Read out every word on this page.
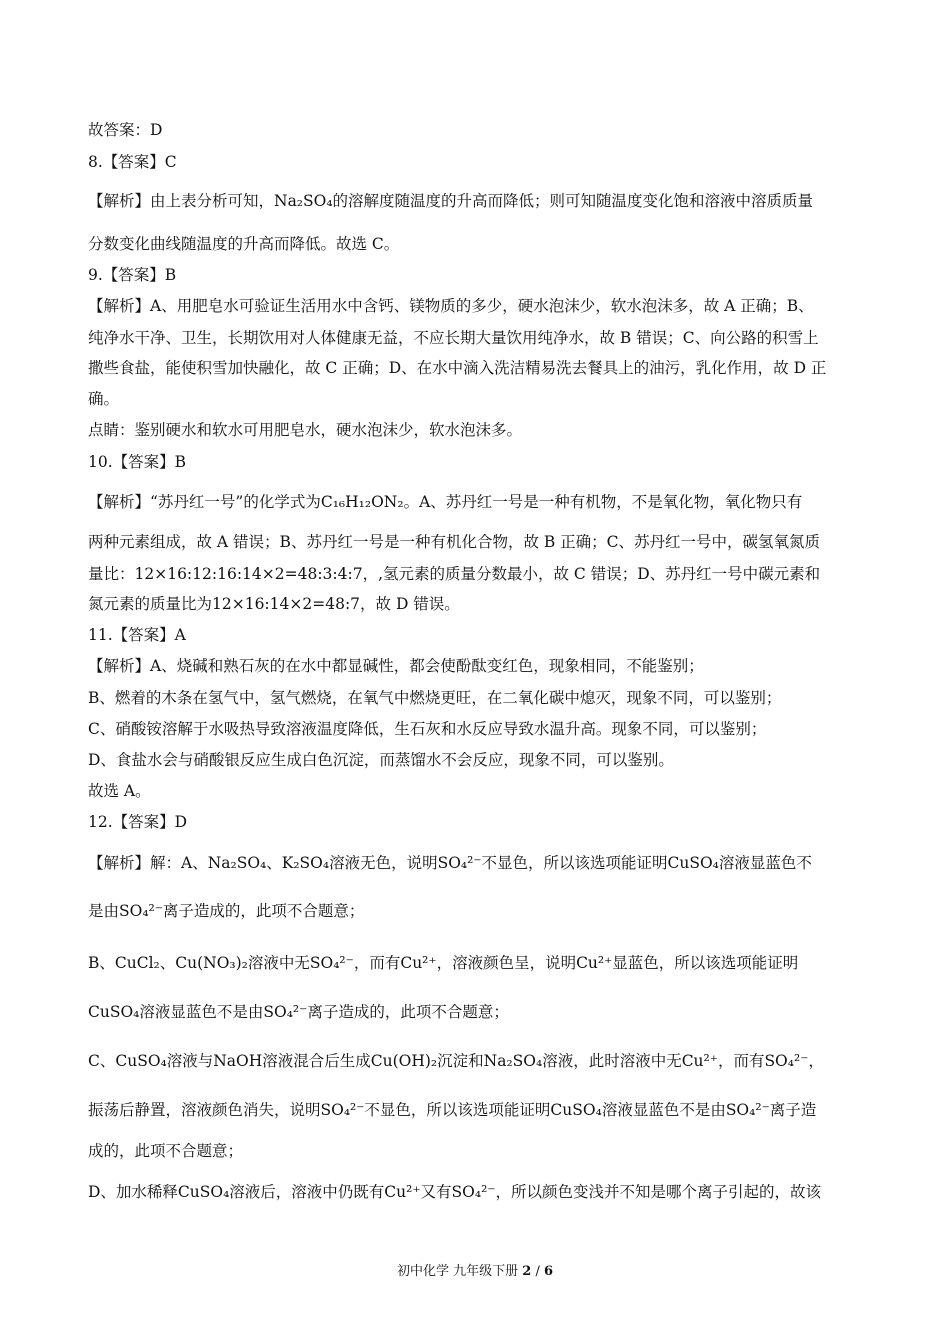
故答案：D
8.【答案】C
【解析】由上表分析可知，Na₂SO₄的溶解度随温度的升高而降低；则可知随温度变化饱和溶液中溶质质量
分数变化曲线随温度的升高而降低。故选 C。
9.【答案】B
【解析】A、用肥皂水可验证生活用水中含钙、镁物质的多少，硬水泡沫少，软水泡沫多，故 A 正确；B、
纯净水干净、卫生，长期饮用对人体健康无益，不应长期大量饮用纯净水，故 B 错误；C、向公路的积雪上
撒些食盐，能使积雪加快融化，故 C 正确；D、在水中滴入洗洁精易洗去餐具上的油污，乳化作用，故 D 正
确。
点睛：鉴别硬水和软水可用肥皂水，硬水泡沫少，软水泡沫多。
10.【答案】B
【解析】“苏丹红一号”的化学式为C₁₆H₁₂ON₂。A、苏丹红一号是一种有机物，不是氧化物，氧化物只有
两种元素组成，故 A 错误；B、苏丹红一号是一种有机化合物，故 B 正确；C、苏丹红一号中，碳氢氧氮质
量比：12×16:12:16:14×2=48:3:4:7，,氢元素的质量分数最小，故 C 错误；D、苏丹红一号中碳元素和
氮元素的质量比为12×16:14×2=48:7，故 D 错误。
11.【答案】A
【解析】A、烧碱和熟石灰的在水中都显碱性，都会使酚酞变红色，现象相同，不能鉴别；
B、燃着的木条在氢气中，氢气燃烧，在氧气中燃烧更旺，在二氧化碳中熄灭，现象不同，可以鉴别；
C、硝酸铵溶解于水吸热导致溶液温度降低，生石灰和水反应导致水温升高。现象不同，可以鉴别；
D、食盐水会与硝酸银反应生成白色沉淀，而蒸馏水不会反应，现象不同，可以鉴别。
故选 A。
12.【答案】D
【解析】解：A、Na₂SO₄、K₂SO₄溶液无色，说明SO₄²⁻不显色，所以该选项能证明CuSO₄溶液显蓝色不
是由SO₄²⁻离子造成的，此项不合题意；
B、CuCl₂、Cu(NO₃)₂溶液中无SO₄²⁻，而有Cu²⁺，溶液颜色呈，说明Cu²⁺显蓝色，所以该选项能证明
CuSO₄溶液显蓝色不是由SO₄²⁻离子造成的，此项不合题意；
C、CuSO₄溶液与NaOH溶液混合后生成Cu(OH)₂沉淀和Na₂SO₄溶液，此时溶液中无Cu²⁺，而有SO₄²⁻，
振荡后静置，溶液颜色消失，说明SO₄²⁻不显色，所以该选项能证明CuSO₄溶液显蓝色不是由SO₄²⁻离子造
成的，此项不合题意；
D、加水稀释CuSO₄溶液后，溶液中仍既有Cu²⁺又有SO₄²⁻，所以颜色变浅并不知是哪个离子引起的，故该
初中化学 九年级下册 2 / 6
